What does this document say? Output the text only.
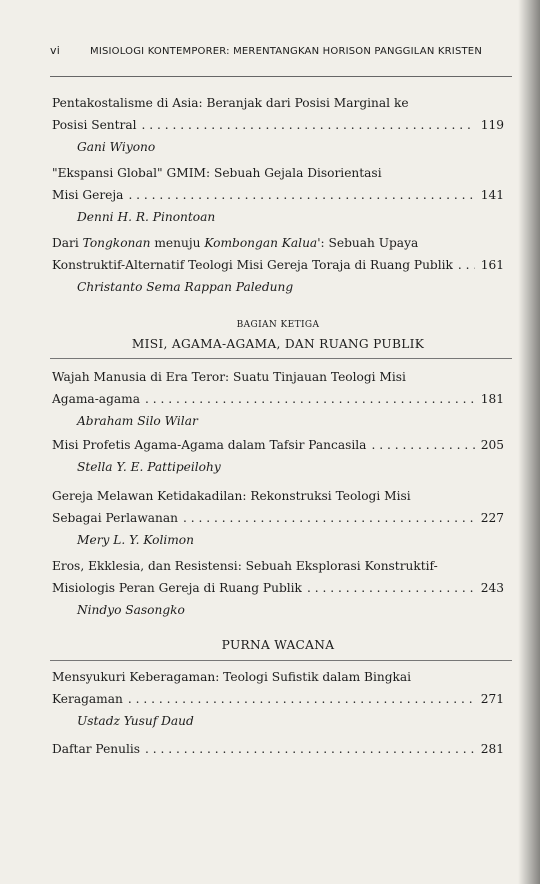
vi	MISIOLOGI KONTEMPORER: MERENTANGKAN HORISON PANGGILAN KRISTEN
Pentakostalisme di Asia: Beranjak dari Posisi Marginal ke
Posisi Sentral . . .	119
Gani Wiyono
"Ekspansi Global" GMIM: Sebuah Gejala Disorientasi
Misi Gereja . . .	141
Denni H. R. Pinontoan
Dari Tongkonan menuju Kombongan Kalua': Sebuah Upaya
Konstruktif-Alternatif Teologi Misi Gereja Toraja di Ruang Publik . . . 161
Christanto Sema Rappan Paledung
BAGIAN KETIGA
MISI, AGAMA-AGAMA, DAN RUANG PUBLIK
Wajah Manusia di Era Teror: Suatu Tinjauan Teologi Misi
Agama-agama . . .	181
Abraham Silo Wilar
Misi Profetis Agama-Agama dalam Tafsir Pancasila . . .	205
Stella Y. E. Pattipeilohy
Gereja Melawan Ketidakadilan: Rekonstruksi Teologi Misi
Sebagai Perlawanan . . .	227
Mery L. Y. Kolimon
Eros, Ekklesia, dan Resistensi: Sebuah Eksplorasi Konstruktif-
Misiologis Peran Gereja di Ruang Publik . . .	243
Nindyo Sasongko
PURNA WACANA
Mensyukuri Keberagaman: Teologi Sufistik dalam Bingkai
Keragaman . . .	271
Ustadz Yusuf Daud
Daftar Penulis . . .	281
